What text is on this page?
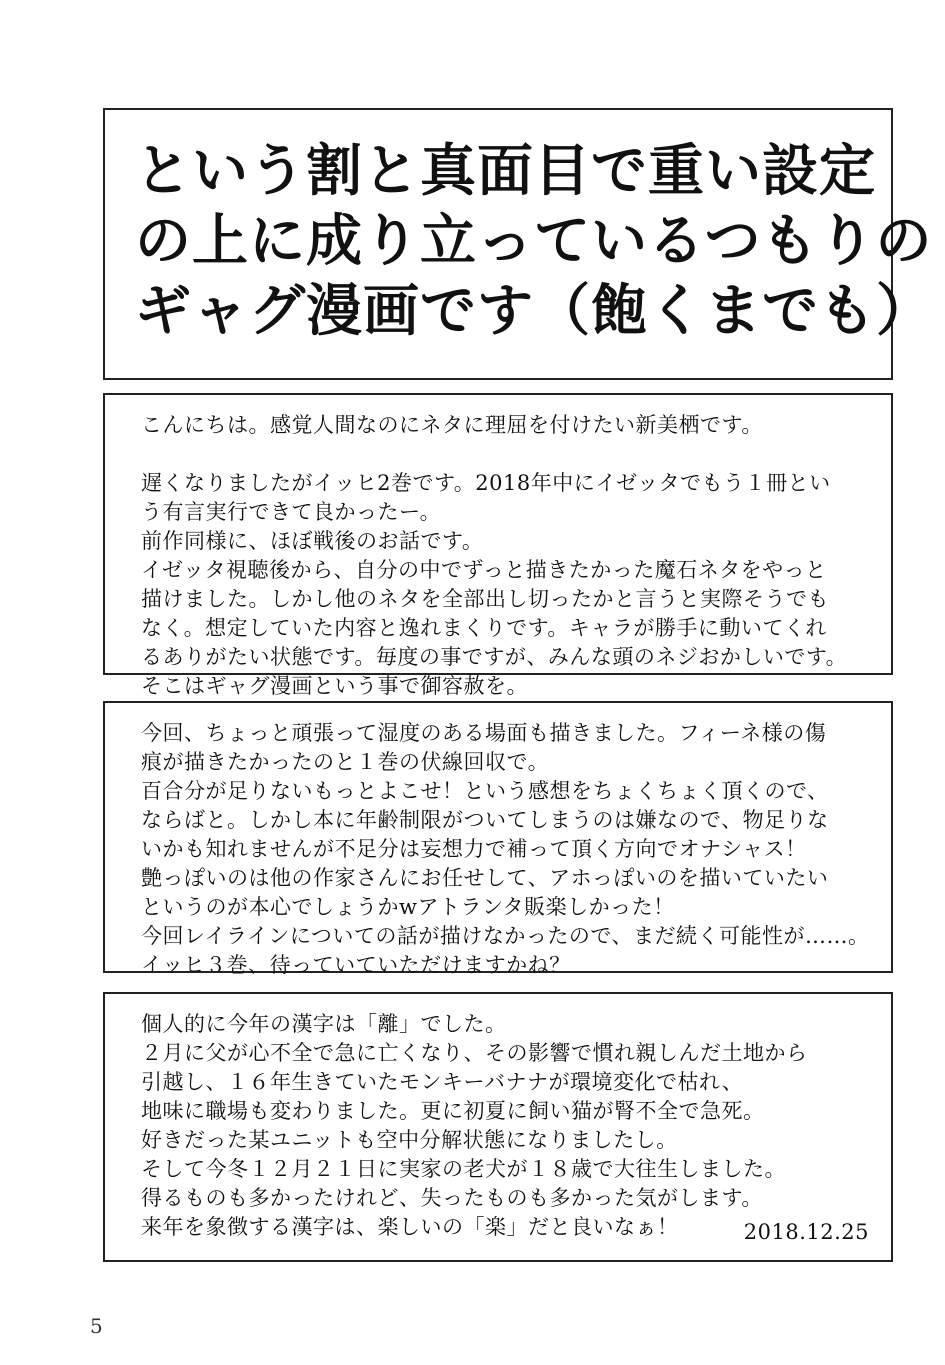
という割と真面目で重い設定

の上に成り立っているつもりの

ギャグ漫画です（飽くまでも）

こんにちは。感覚人間なのにネタに理屈を付けたい新美栖です。

遅くなりましたがイッヒ2巻です。2018年中にイゼッタでもう１冊とい

う有言実行できて良かったー。

前作同様に、ほぼ戦後のお話です。

イゼッタ視聴後から、自分の中でずっと描きたかった魔石ネタをやっと

描けました。しかし他のネタを全部出し切ったかと言うと実際そうでも

なく。想定していた内容と逸れまくりです。キャラが勝手に動いてくれ

るありがたい状態です。毎度の事ですが、みんな頭のネジおかしいです。

そこはギャグ漫画という事で御容赦を。

今回、ちょっと頑張って湿度のある場面も描きました。フィーネ様の傷

痕が描きたかったのと１巻の伏線回収で。

百合分が足りないもっとよこせ！という感想をちょくちょく頂くので、

ならばと。しかし本に年齢制限がついてしまうのは嫌なので、物足りな

いかも知れませんが不足分は妄想力で補って頂く方向でオナシャス！

艶っぽいのは他の作家さんにお任せして、アホっぽいのを描いていたい

というのが本心でしょうかwアトランタ販楽しかった！

今回レイラインについての話が描けなかったので、まだ続く可能性が……。

イッヒ３巻、待っていていただけますかね？

個人的に今年の漢字は「離」でした。

２月に父が心不全で急に亡くなり、その影響で慣れ親しんだ土地から

引越し、１６年生きていたモンキーバナナが環境変化で枯れ、

地味に職場も変わりました。更に初夏に飼い猫が腎不全で急死。

好きだった某ユニットも空中分解状態になりましたし。

そして今冬１２月２１日に実家の老犬が１８歳で大往生しました。

得るものも多かったけれど、失ったものも多かった気がします。

来年を象徴する漢字は、楽しいの「楽」だと良いなぁ！	2018.12.25
5
